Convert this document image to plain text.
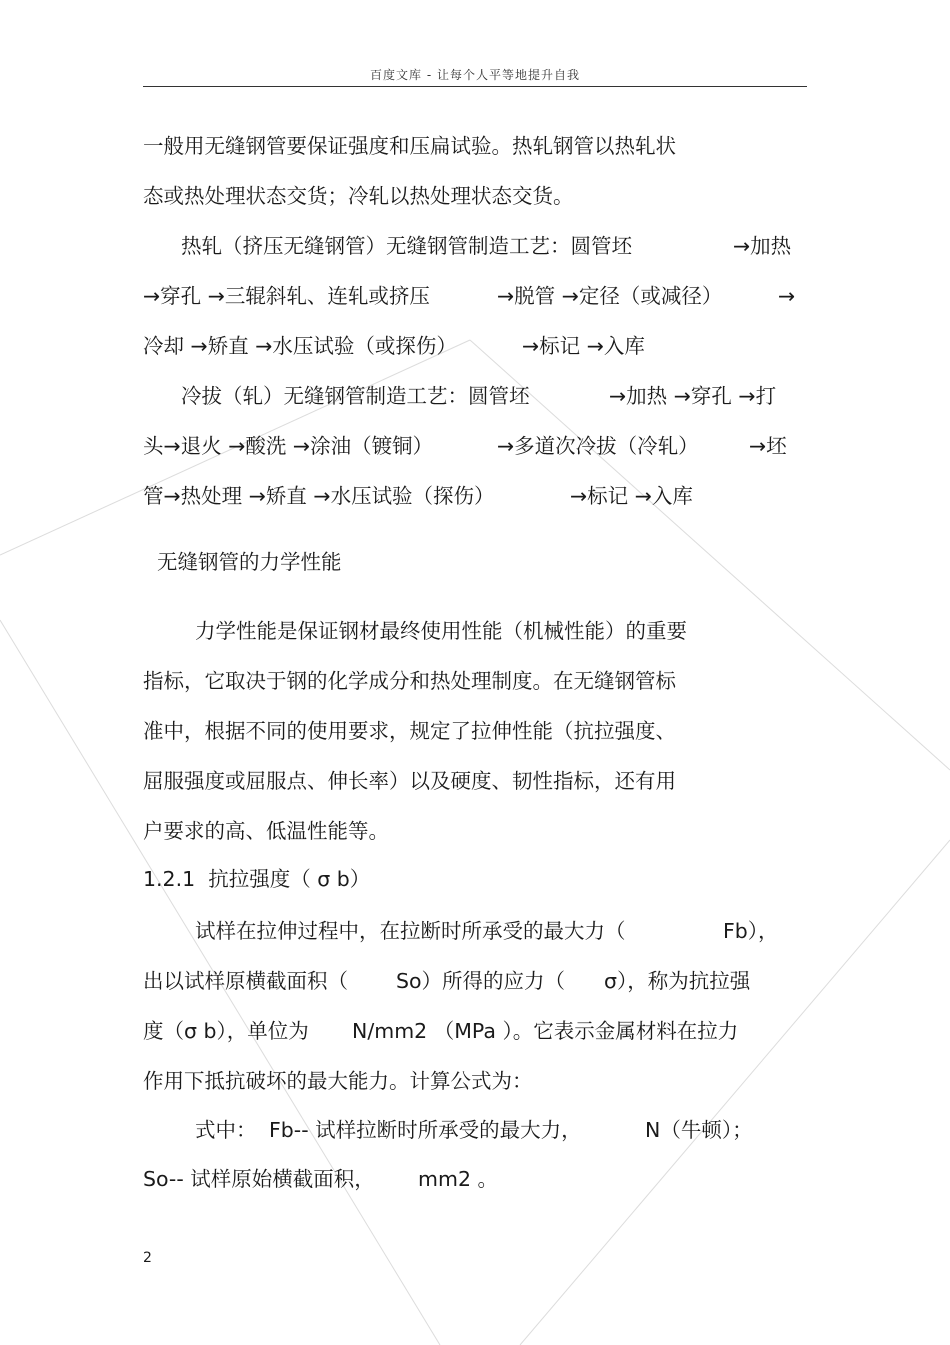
百度文库 - 让每个人平等地提升自我
一般用无缝钢管要保证强度和压扁试验。热轧钢管以热轧状
态或热处理状态交货；冷轧以热处理状态交货。
热轧（挤压无缝钢管）无缝钢管制造工艺：圆管坯	→加热
→穿孔 →三辊斜轧、连轧或挤压	→脱管 →定径（或减径）	→
冷却 →矫直 →水压试验（或探伤）	→标记 →入库
冷拔（轧）无缝钢管制造工艺：圆管坯	→加热 →穿孔 →打
头→退火 →酸洗 →涂油（镀铜）	→多道次冷拔（冷轧） →坯
管→热处理 →矫直 →水压试验（探伤）	→标记 →入库
无缝钢管的力学性能
力学性能是保证钢材最终使用性能（机械性能）的重要
指标，它取决于钢的化学成分和热处理制度。在无缝钢管标
准中，根据不同的使用要求，规定了拉伸性能（抗拉强度、
屈服强度或屈服点、伸长率）以及硬度、韧性指标，还有用
户要求的高、低温性能等。
1.2.1  抗拉强度（ σ b）
试样在拉伸过程中，在拉断时所承受的最大力（	Fb），
出以试样原横截面积（ So）所得的应力（ σ），称为抗拉强
度（σ b），单位为 N/mm2 （MPa ）。它表示金属材料在拉力
作用下抵抗破坏的最大能力。计算公式为：
式中： Fb-- 试样拉断时所承受的最大力，	N（牛顿）；
So-- 试样原始横截面积， mm2 。
2
